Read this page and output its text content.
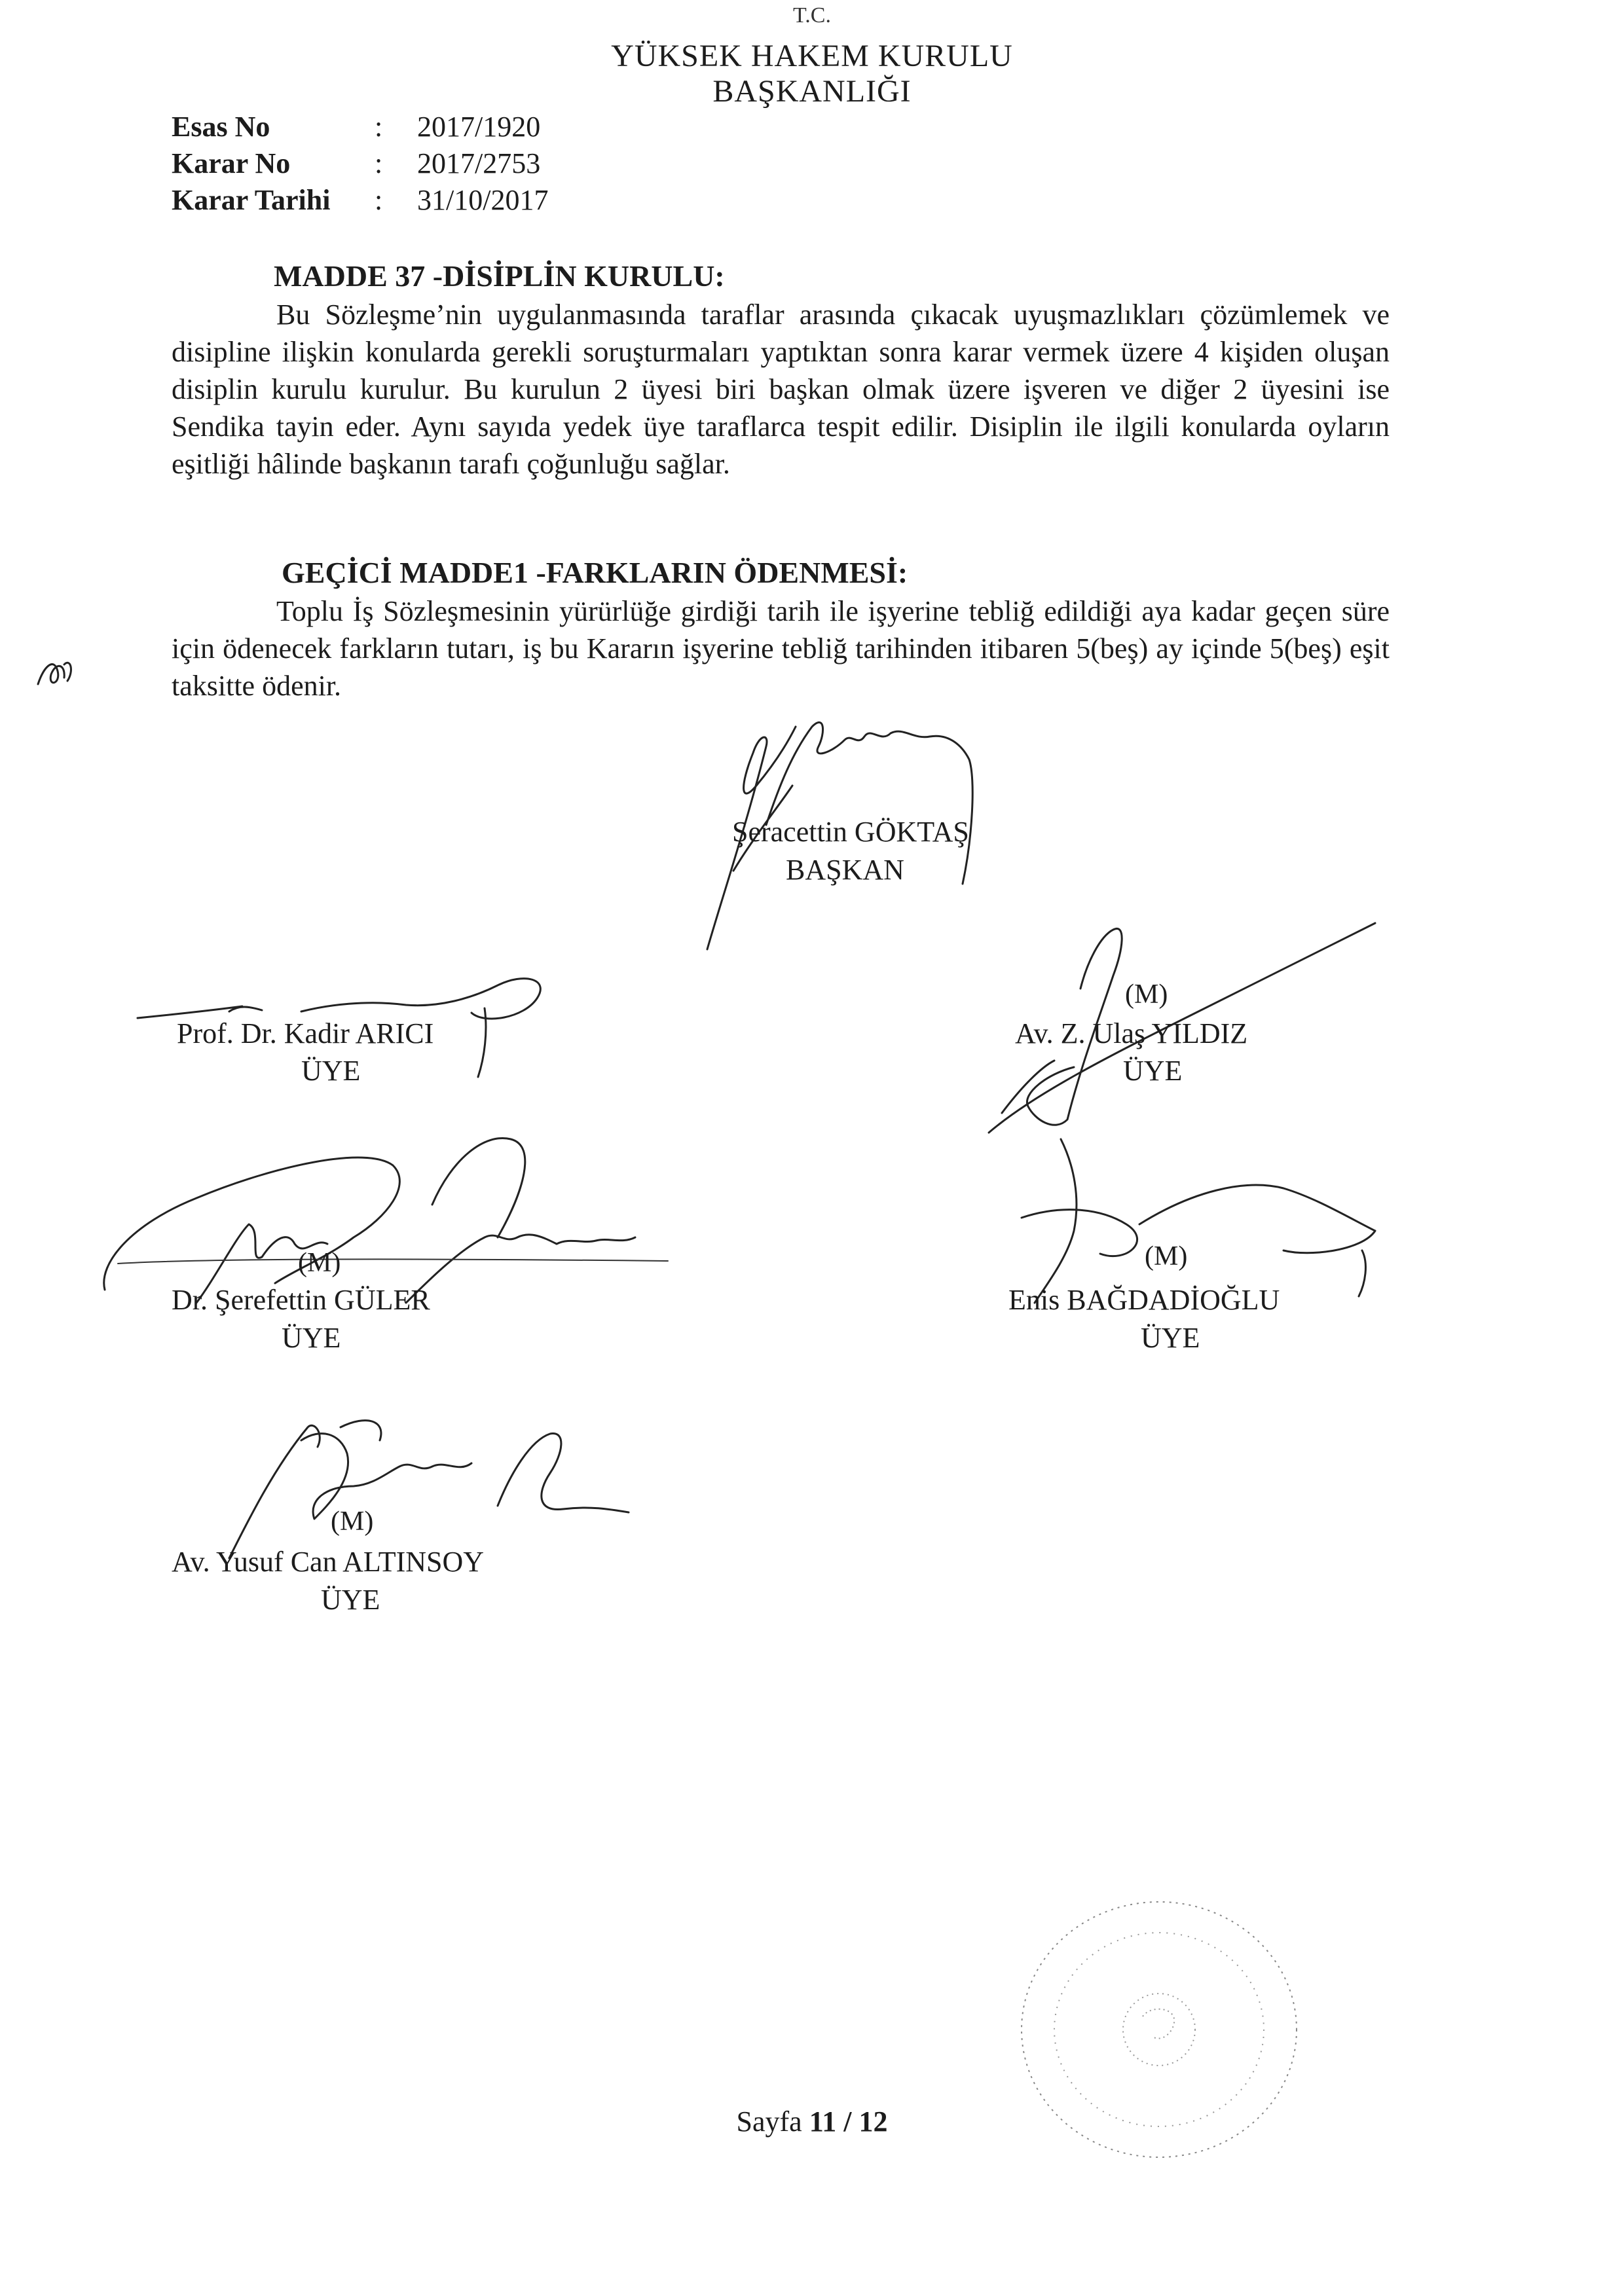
T.C.
YÜKSEK HAKEM KURULU
BAŞKANLIĞI
Esas No	: 2017/1920
Karar No	: 2017/2753
Karar Tarihi : 31/10/2017
MADDE 37 -DİSİPLİN KURULU:
Bu Sözleşme’nin uygulanmasında taraflar arasında çıkacak uyuşmazlıkları çözümlemek ve disipline ilişkin konularda gerekli soruşturmaları yaptıktan sonra karar vermek üzere 4 kişiden oluşan disiplin kurulu kurulur. Bu kurulun 2 üyesi biri başkan olmak üzere işveren ve diğer 2 üyesini ise Sendika tayin eder. Aynı sayıda yedek üye taraflarca tespit edilir. Disiplin ile ilgili konularda oyların eşitliği hâlinde başkanın tarafı çoğunluğu sağlar.
GEÇİCİ MADDE1 -FARKLARIN ÖDENMESİ:
Toplu İş Sözleşmesinin yürürlüğe girdiği tarih ile işyerine tebliğ edildiği aya kadar geçen süre için ödenecek farkların tutarı, iş bu Kararın işyerine tebliğ tarihinden itibaren 5(beş) ay içinde 5(beş) eşit taksitte ödenir.
Şeracettin GÖKTAŞ
BAŞKAN
Prof. Dr. Kadir ARICI
ÜYE
(M)
Av. Z. Ulaş YILDIZ
ÜYE
(M)
Dr. Şerefettin GÜLER
ÜYE
(M)
Enis BAĞDADİOĞLU
ÜYE
(M)
Av. Yusuf Can ALTINSOY
ÜYE
Sayfa 11 / 12
